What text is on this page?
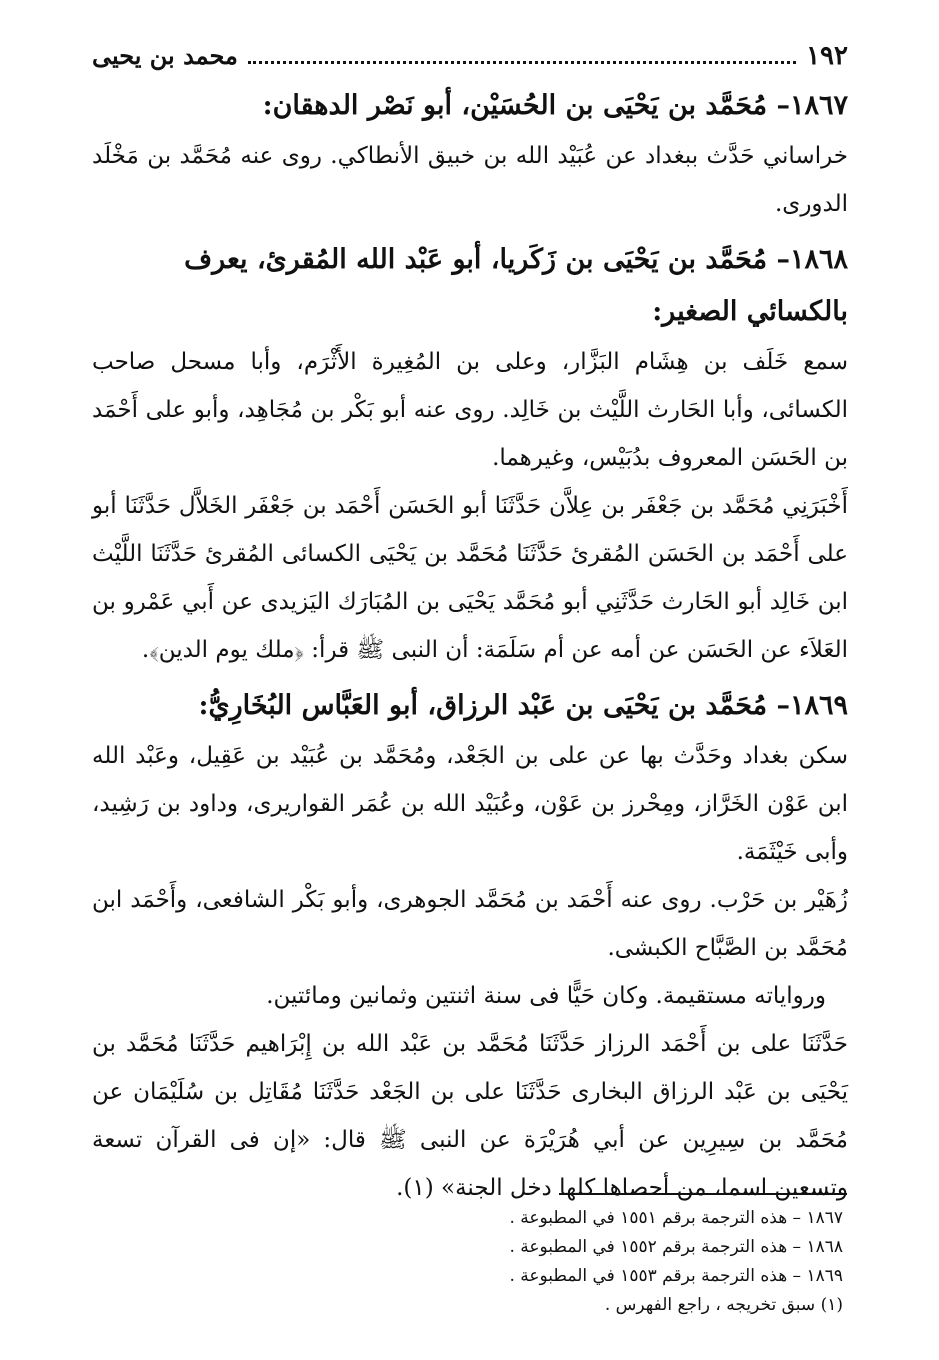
١٩٢
محمد بن يحيى
١٨٦٧– مُحَمَّد بن يَحْيَى بن الحُسَيْن، أبو نَصْر الدهقان:

خراساني حَدَّث ببغداد عن عُبَيْد الله بن خبيق الأنطاكي. روى عنه مُحَمَّد بن مَخْلَد الدورى.

١٨٦٨– مُحَمَّد بن يَحْيَى بن زَكَريا، أبو عَبْد الله المُقرئ، يعرف بالكسائي الصغير:

سمع خَلَف بن هِشَام البَزَّار، وعلى بن المُغِيرة الأَثْرَم، وأبا مسحل صاحب الكسائى، وأبا الحَارث اللَّيْث بن خَالِد. روى عنه أبو بَكْر بن مُجَاهِد، وأبو على أَحْمَد بن الحَسَن المعروف بدُبَيْس، وغيرهما.

أَخْبَرَنِي مُحَمَّد بن جَعْفَر بن عِلاَّن حَدَّثَنَا أبو الحَسَن أَحْمَد بن جَعْفَر الخَلاَّل حَدَّثَنَا أبو على أَحْمَد بن الحَسَن المُقرئ حَدَّثَنَا مُحَمَّد بن يَحْيَى الكسائى المُقرئ حَدَّثَنَا اللَّيْث ابن خَالِد أبو الحَارث حَدَّثَنِي أبو مُحَمَّد يَحْيَى بن المُبَارَك اليَزيدى عن أَبي عَمْرو بن العَلاَء عن الحَسَن عن أمه عن أم سَلَمَة: أن النبى ﷺ قرأ: ﴿ملك يوم الدين﴾.

١٨٦٩– مُحَمَّد بن يَحْيَى بن عَبْد الرزاق، أبو العَبَّاس البُخَارِيُّ:

سكن بغداد وحَدَّث بها عن على بن الجَعْد، ومُحَمَّد بن عُبَيْد بن عَقِيل، وعَبْد الله ابن عَوْن الخَرَّاز، ومِحْرز بن عَوْن، وعُبَيْد الله بن عُمَر القواريرى، وداود بن رَشِيد، وأبى خَيْثَمَة.

زُهَيْر بن حَرْب. روى عنه أَحْمَد بن مُحَمَّد الجوهرى، وأبو بَكْر الشافعى، وأَحْمَد ابن مُحَمَّد بن الصَّبَّاح الكبشى.

ورواياته مستقيمة. وكان حَيًّا فى سنة اثنتين وثمانين ومائتين.

حَدَّثَنَا على بن أَحْمَد الرزاز حَدَّثَنَا مُحَمَّد بن عَبْد الله بن إِبْرَاهيم حَدَّثَنَا مُحَمَّد بن يَحْيَى بن عَبْد الرزاق البخارى حَدَّثَنَا على بن الجَعْد حَدَّثَنَا مُقَاتِل بن سُلَيْمَان عن مُحَمَّد بن سِيرِين عن أبي هُرَيْرَة عن النبى ﷺ قال: «إن فى القرآن تسعة وتسعين اسما، من أحصاها كلها دخل الجنة» (١).

١٨٦٧ – هذه الترجمة برقم ١٥٥١ في المطبوعة .
١٨٦٨ – هذه الترجمة برقم ١٥٥٢ في المطبوعة .
١٨٦٩ – هذه الترجمة برقم ١٥٥٣ في المطبوعة .
(١) سبق تخريجه ، راجع الفهرس .
